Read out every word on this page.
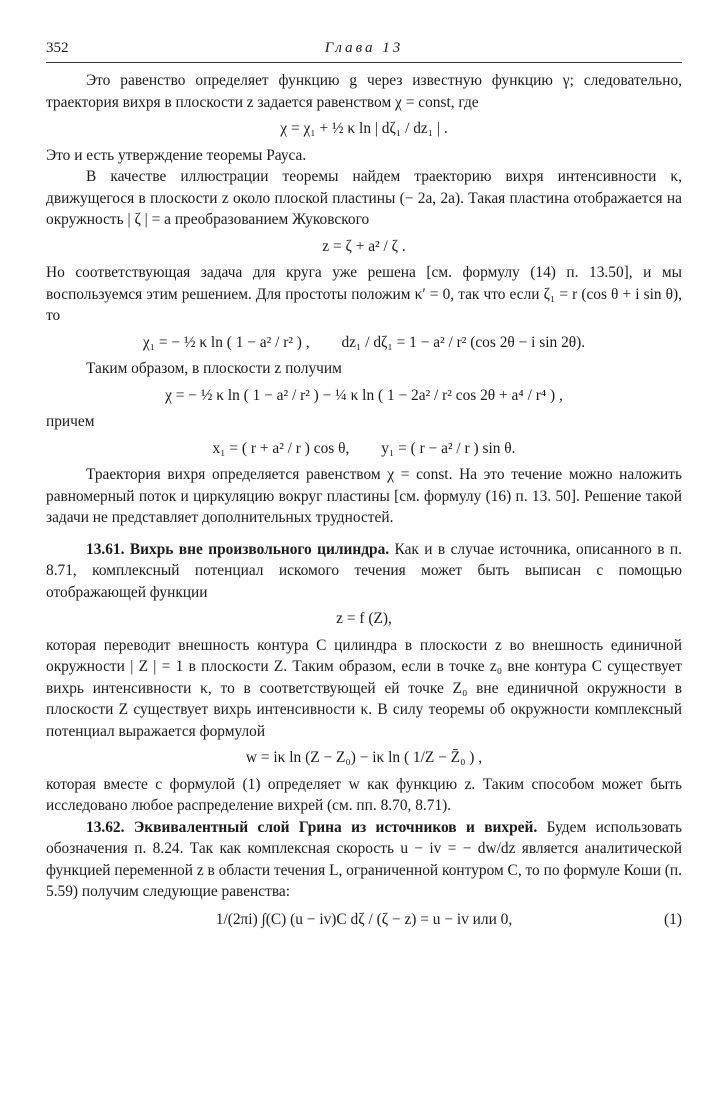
352	Глава 13

Это равенство определяет функцию g через известную функцию γ; следовательно, траектория вихря в плоскости z задается равенством χ = const, где

χ = χ₁ + ½ κ ln | dζ₁ / dz₁ | .

Это и есть утверждение теоремы Рауса.

В качестве иллюстрации теоремы найдем траекторию вихря интенсивности κ, движущегося в плоскости z около плоской пластины (− 2a, 2a). Такая пластина отображается на окружность | ζ | = a преобразованием Жуковского

z = ζ + a² / ζ .

Но соответствующая задача для круга уже решена [см. формулу (14) п. 13.50], и мы воспользуемся этим решением. Для простоты положим κ′ = 0, так что если ζ₁ = r (cos θ + i sin θ), то

χ₁ = − ½ κ ln ( 1 − a² / r² ) , dz₁ / dζ₁ = 1 − a² / r² (cos 2θ − i sin 2θ).

Таким образом, в плоскости z получим

χ = − ½ κ ln ( 1 − a² / r² ) − ¼ κ ln ( 1 − 2a² / r² cos 2θ + a⁴ / r⁴ ) ,

причем

x₁ = ( r + a² / r ) cos θ, y₁ = ( r − a² / r ) sin θ.

Траектория вихря определяется равенством χ = const. На это течение можно наложить равномерный поток и циркуляцию вокруг пластины [см. формулу (16) п. 13. 50]. Решение такой задачи не представляет дополнительных трудностей.

13.61. Вихрь вне произвольного цилиндра. Как и в случае источника, описанного в п. 8.71, комплексный потенциал искомого течения может быть выписан с помощью отображающей функции

z = f (Z),

которая переводит внешность контура C цилиндра в плоскости z во внешность единичной окружности | Z | = 1 в плоскости Z. Таким образом, если в точке z₀ вне контура C существует вихрь интенсивности κ, то в соответствующей ей точке Z₀ вне единичной окружности в плоскости Z существует вихрь интенсивности κ. В силу теоремы об окружности комплексный потенциал выражается формулой

w = iκ ln (Z − Z₀) − iκ ln ( 1/Z − Z̄₀ ) ,

которая вместе с формулой (1) определяет w как функцию z. Таким способом может быть исследовано любое распределение вихрей (см. пп. 8.70, 8.71).

13.62. Эквивалентный слой Грина из источников и вихрей. Будем использовать обозначения п. 8.24. Так как комплексная скорость u − iv = − dw/dz является аналитической функцией переменной z в области течения L, ограниченной контуром C, то по формуле Коши (п. 5.59) получим следующие равенства:

1/(2πi) ∫(C) (u − iv)C dζ / (ζ − z) = u − iv или 0,	(1)
